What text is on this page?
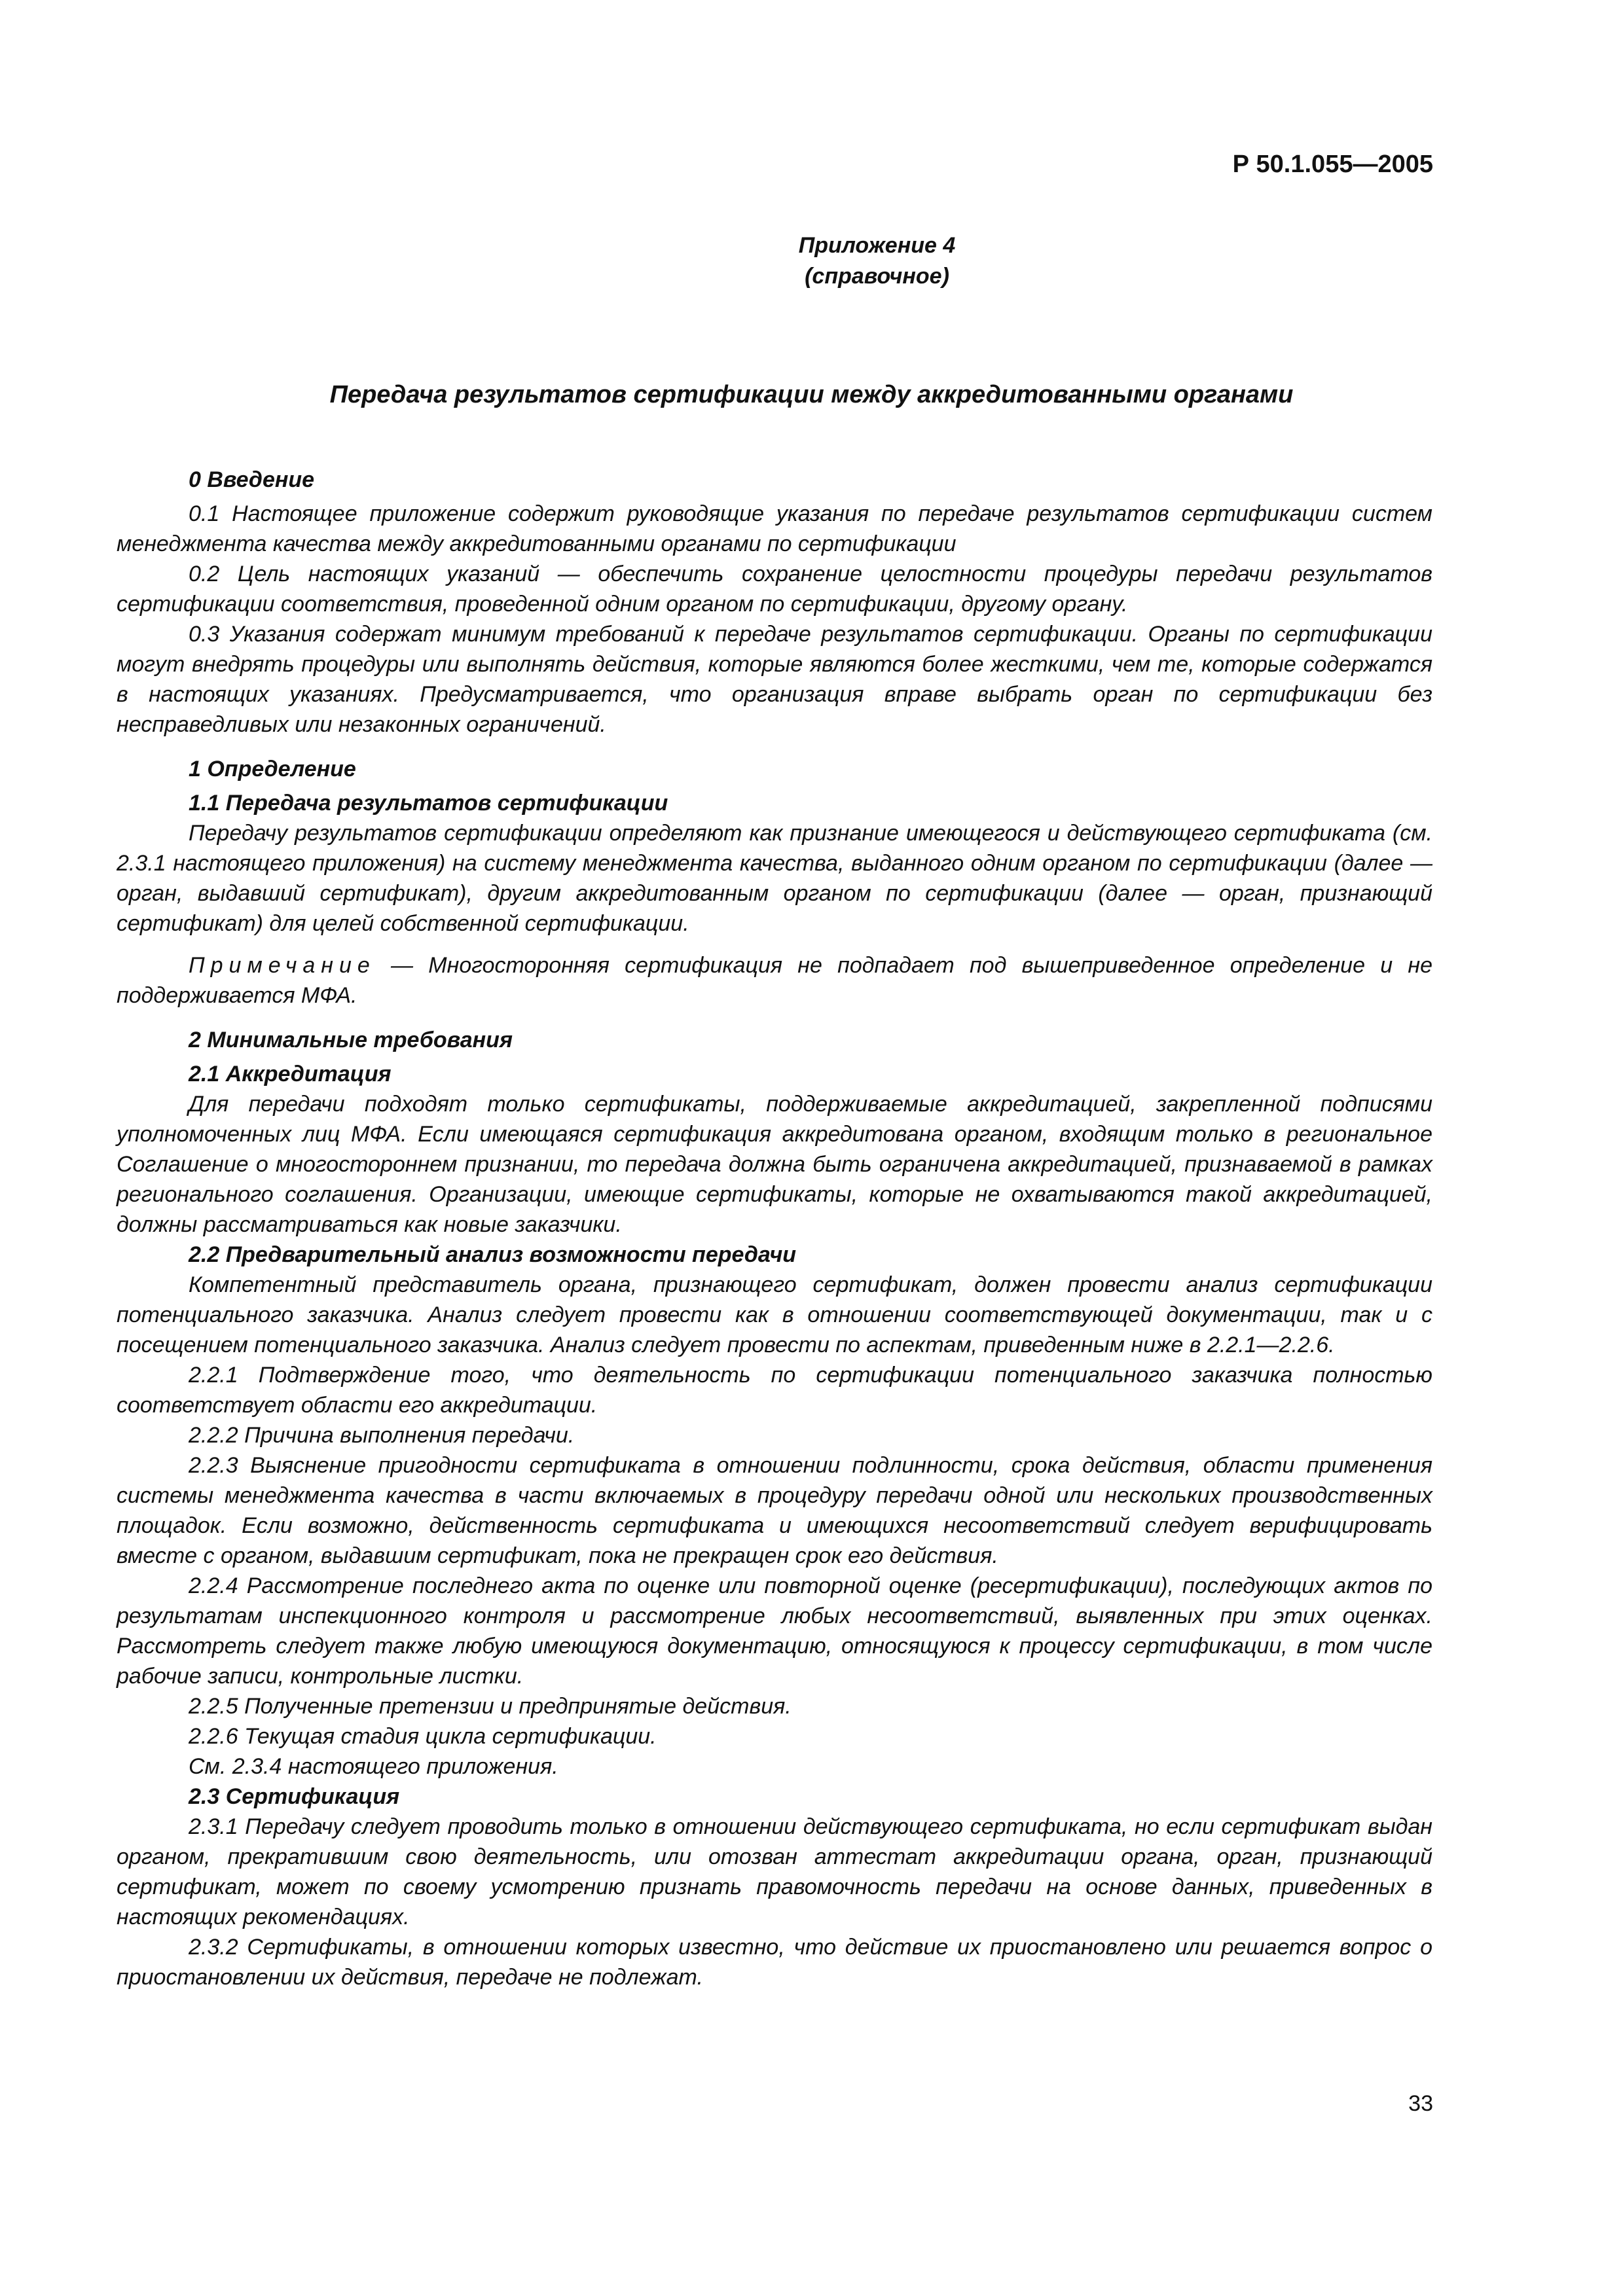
Р 50.1.055—2005
Приложение 4
(справочное)
Передача результатов сертификации между аккредитованными органами
0 Введение

0.1 Настоящее приложение содержит руководящие указания по передаче результатов сертификации систем менеджмента качества между аккредитованными органами по сертификации

0.2 Цель настоящих указаний — обеспечить сохранение целостности процедуры передачи результатов сертификации соответствия, проведенной одним органом по сертификации, другому органу.

0.3 Указания содержат минимум требований к передаче результатов сертификации. Органы по сертификации могут внедрять процедуры или выполнять действия, которые являются более жесткими, чем те, которые содержатся в настоящих указаниях. Предусматривается, что организация вправе выбрать орган по сертификации без несправедливых или незаконных ограничений.

1 Определение
1.1 Передача результатов сертификации

Передачу результатов сертификации определяют как признание имеющегося и действующего сертификата (см. 2.3.1 настоящего приложения) на систему менеджмента качества, выданного одним органом по сертификации (далее — орган, выдавший сертификат), другим аккредитованным органом по сертификации (далее — орган, признающий сертификат) для целей собственной сертификации.

Примечание — Многосторонняя сертификация не подпадает под вышеприведенное определение и не поддерживается МФА.

2 Минимальные требования
2.1 Аккредитация

Для передачи подходят только сертификаты, поддерживаемые аккредитацией, закрепленной подписями уполномоченных лиц МФА. Если имеющаяся сертификация аккредитована органом, входящим только в региональное Соглашение о многостороннем признании, то передача должна быть ограничена аккредитацией, признаваемой в рамках регионального соглашения. Организации, имеющие сертификаты, которые не охватываются такой аккредитацией, должны рассматриваться как новые заказчики.

2.2 Предварительный анализ возможности передачи

Компетентный представитель органа, признающего сертификат, должен провести анализ сертификации потенциального заказчика. Анализ следует провести как в отношении соответствующей документации, так и с посещением потенциального заказчика. Анализ следует провести по аспектам, приведенным ниже в 2.2.1—2.2.6.

2.2.1 Подтверждение того, что деятельность по сертификации потенциального заказчика полностью соответствует области его аккредитации.

2.2.2 Причина выполнения передачи.

2.2.3 Выяснение пригодности сертификата в отношении подлинности, срока действия, области применения системы менеджмента качества в части включаемых в процедуру передачи одной или нескольких производственных площадок. Если возможно, действенность сертификата и имеющихся несоответствий следует верифицировать вместе с органом, выдавшим сертификат, пока не прекращен срок его действия.

2.2.4 Рассмотрение последнего акта по оценке или повторной оценке (ресертификации), последующих актов по результатам инспекционного контроля и рассмотрение любых несоответствий, выявленных при этих оценках. Рассмотреть следует также любую имеющуюся документацию, относящуюся к процессу сертификации, в том числе рабочие записи, контрольные листки.

2.2.5 Полученные претензии и предпринятые действия.

2.2.6 Текущая стадия цикла сертификации.

См. 2.3.4 настоящего приложения.

2.3 Сертификация

2.3.1 Передачу следует проводить только в отношении действующего сертификата, но если сертификат выдан органом, прекратившим свою деятельность, или отозван аттестат аккредитации органа, орган, признающий сертификат, может по своему усмотрению признать правомочность передачи на основе данных, приведенных в настоящих рекомендациях.

2.3.2 Сертификаты, в отношении которых известно, что действие их приостановлено или решается вопрос о приостановлении их действия, передаче не подлежат.

33
